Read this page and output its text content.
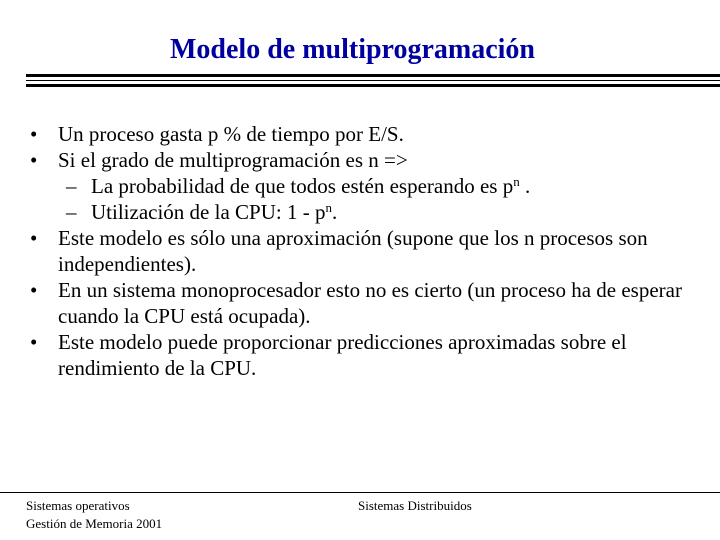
Modelo de multiprogramación
• Un proceso gasta p % de tiempo por E/S.
• Si el grado de multiprogramación es n =>
– La probabilidad de que todos estén esperando es $p^n$ .
– Utilización de la CPU: $1 - p^n$.
• Este modelo es sólo una aproximación (supone que los n procesos son independientes).
• En un sistema monoprocesador esto no es cierto (un proceso ha de esperar cuando la CPU está ocupada).
• Este modelo puede proporcionar predicciones aproximadas sobre el rendimiento de la CPU.
Sistemas operativos
Gestión de Memoria 2001
Sistemas Distribuidos
